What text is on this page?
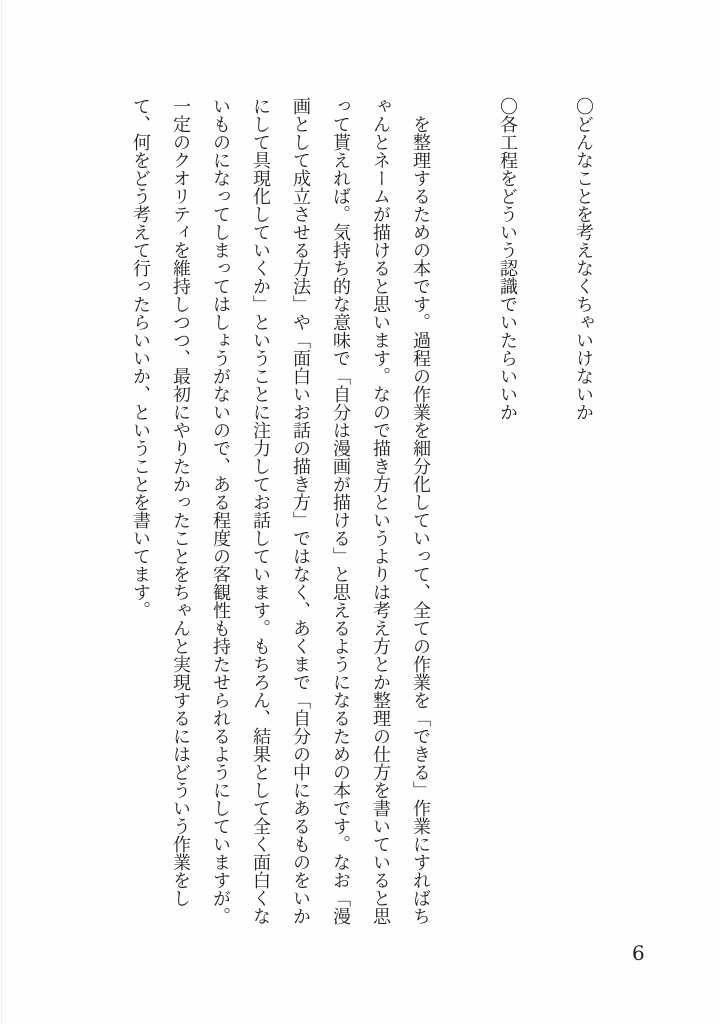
〇どんなことを考えなくちゃいけないか
〇各工程をどういう認識でいたらいいか
を整理するための本です。過程の作業を細分化していって、全ての作業を「できる」作業にすればち
ゃんとネームが描けると思います。なので描き方というよりは考え方とか整理の仕方を書いていると思
って貰えれば。気持ち的な意味で「自分は漫画が描ける」と思えるようになるための本です。なお「漫
画として成立させる方法」や「面白いお話の描き方」ではなく、あくまで「自分の中にあるものをいか
にして具現化していくか」ということに注力してお話しています。もちろん、結果として全く面白くな
いものになってしまってはしょうがないので、ある程度の客観性も持たせられるようにしていますが。
一定のクオリティを維持しつつ、最初にやりたかったことをちゃんと実現するにはどういう作業をし
て、何をどう考えて行ったらいいか、ということを書いてます。
6
